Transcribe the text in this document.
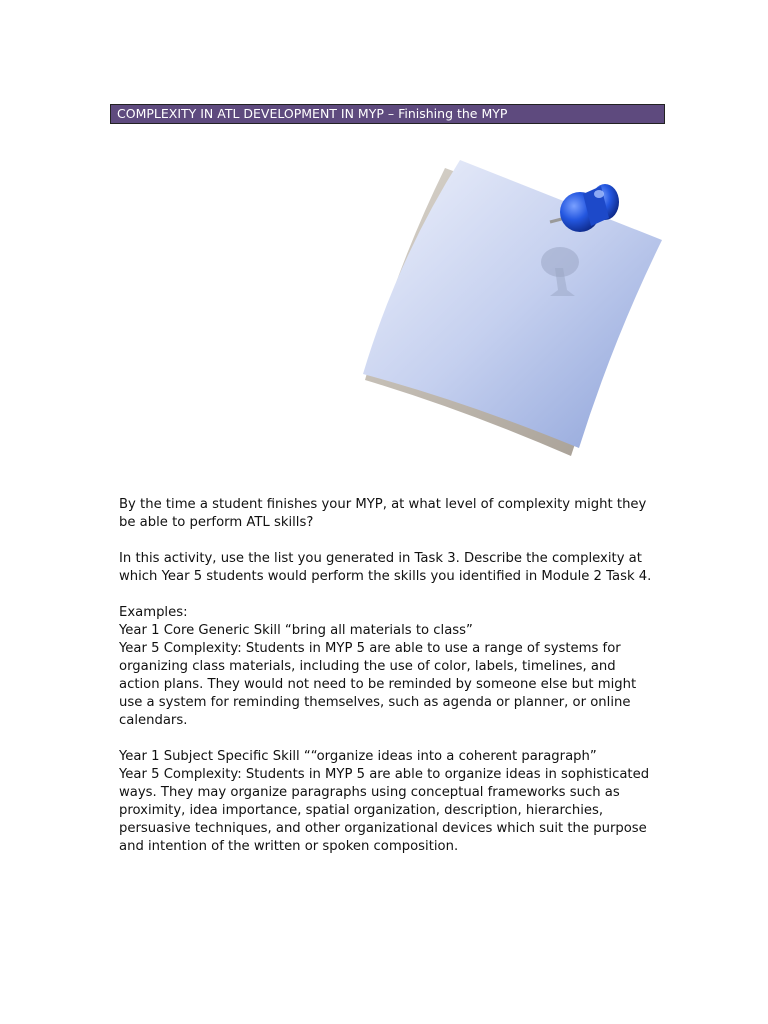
COMPLEXITY IN ATL DEVELOPMENT IN MYP – Finishing the MYP

By the time a student finishes your MYP, at what level of complexity might they be able to perform ATL skills?

In this activity, use the list you generated in Task 3. Describe the complexity at which Year 5 students would perform the skills you identified in Module 2 Task 4.

Examples:

Year 1 Core Generic Skill “bring all materials to class”

Year 5 Complexity: Students in MYP 5 are able to use a range of systems for organizing class materials, including the use of color, labels, timelines, and action plans. They would not need to be reminded by someone else but might use a system for reminding themselves, such as agenda or planner, or online calendars.

Year 1 Subject Specific Skill ““organize ideas into a coherent paragraph”

Year 5 Complexity: Students in MYP 5 are able to organize ideas in sophisticated ways. They may organize paragraphs using conceptual frameworks such as proximity, idea importance, spatial organization, description, hierarchies, persuasive techniques, and other organizational devices which suit the purpose and intention of the written or spoken composition.
